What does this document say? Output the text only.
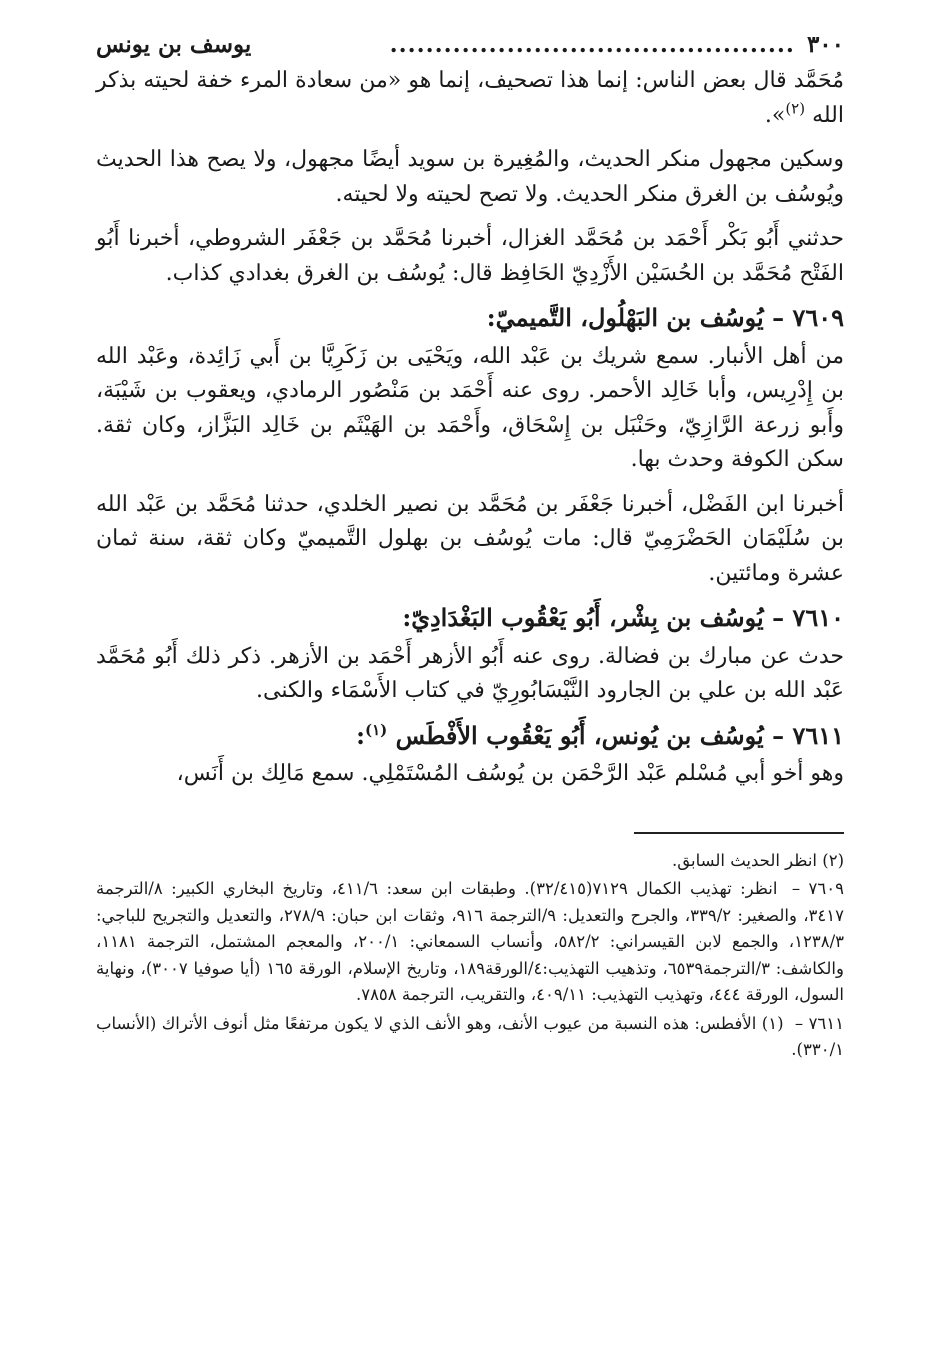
٣٠٠
.............................................
يوسف بن يونس

مُحَمَّد قال بعض الناس: إنما هذا تصحيف، إنما هو «من سعادة المرء خفة لحيته بذكر الله $^{(٢)}$».

وسكين مجهول منكر الحديث، والمُغِيرة بن سويد أيضًا مجهول، ولا يصح هذا الحديث ويُوسُف بن الغرق منكر الحديث. ولا تصح لحيته ولا لحيته.

حدثني أَبُو بَكْر أَحْمَد بن مُحَمَّد الغزال، أخبرنا مُحَمَّد بن جَعْفَر الشروطي، أخبرنا أَبُو الفَتْح مُحَمَّد بن الحُسَيْن الأَزْدِيّ الحَافِظ قال: يُوسُف بن الغرق بغدادي كذاب.

٧٦٠٩ – يُوسُف بن البَهْلُول، التَّميميّ:

من أهل الأنبار. سمع شريك بن عَبْد الله، ويَحْيَى بن زَكَرِيَّا بن أَبي زَائِدة، وعَبْد الله بن إِدْرِيس، وأبا خَالِد الأحمر. روى عنه أَحْمَد بن مَنْصُور الرمادي، ويعقوب بن شَيْبَة، وأَبو زرعة الرَّازِيّ، وحَنْبَل بن إِسْحَاق، وأَحْمَد بن الهَيْثَم بن خَالِد البَزَّاز، وكان ثقة. سكن الكوفة وحدث بها.

أخبرنا ابن الفَضْل، أخبرنا جَعْفَر بن مُحَمَّد بن نصير الخلدي، حدثنا مُحَمَّد بن عَبْد الله بن سُلَيْمَان الحَضْرَمِيّ قال: مات يُوسُف بن بهلول التَّميميّ وكان ثقة، سنة ثمان عشرة ومائتين.

٧٦١٠ – يُوسُف بن بِشْر، أَبُو يَعْقُوب البَغْدَادِيّ:

حدث عن مبارك بن فضالة. روى عنه أَبُو الأزهر أَحْمَد بن الأزهر. ذكر ذلك أَبُو مُحَمَّد عَبْد الله بن علي بن الجارود النَّيْسَابُورِيّ في كتاب الأَسْمَاء والكنى.

٧٦١١ – يُوسُف بن يُونس، أَبُو يَعْقُوب الأَفْطَس $^{(١)}$:

وهو أخو أبي مُسْلم عَبْد الرَّحْمَن بن يُوسُف المُسْتَمْلِي. سمع مَالِك بن أَنَس،

(٢) انظر الحديث السابق.

٧٦٠٩ – انظر: تهذيب الكمال ٧١٢٩(٣٢/٤١٥). وطبقات ابن سعد: ٤١١/٦، وتاريخ البخاري الكبير: ٨/الترجمة ٣٤١٧، والصغير: ٣٣٩/٢، والجرح والتعديل: ٩/الترجمة ٩١٦، وثقات ابن حبان: ٢٧٨/٩، والتعديل والتجريح للباجي: ١٢٣٨/٣، والجمع لابن القيسراني: ٥٨٢/٢، وأنساب السمعاني: ٢٠٠/١، والمعجم المشتمل، الترجمة ١١٨١، والكاشف: ٣/الترجمة٦٥٣٩، وتذهيب التهذيب:٤/الورقة١٨٩، وتاريخ الإسلام، الورقة ١٦٥ (أيا صوفيا ٣٠٠٧)، ونهاية السول، الورقة ٤٤٤، وتهذيب التهذيب: ٤٠٩/١١، والتقريب، الترجمة ٧٨٥٨.

٧٦١١ – (١) الأفطس: هذه النسبة من عيوب الأنف، وهو الأنف الذي لا يكون مرتفعًا مثل أنوف الأتراك (الأنساب ٣٣٠/١).
